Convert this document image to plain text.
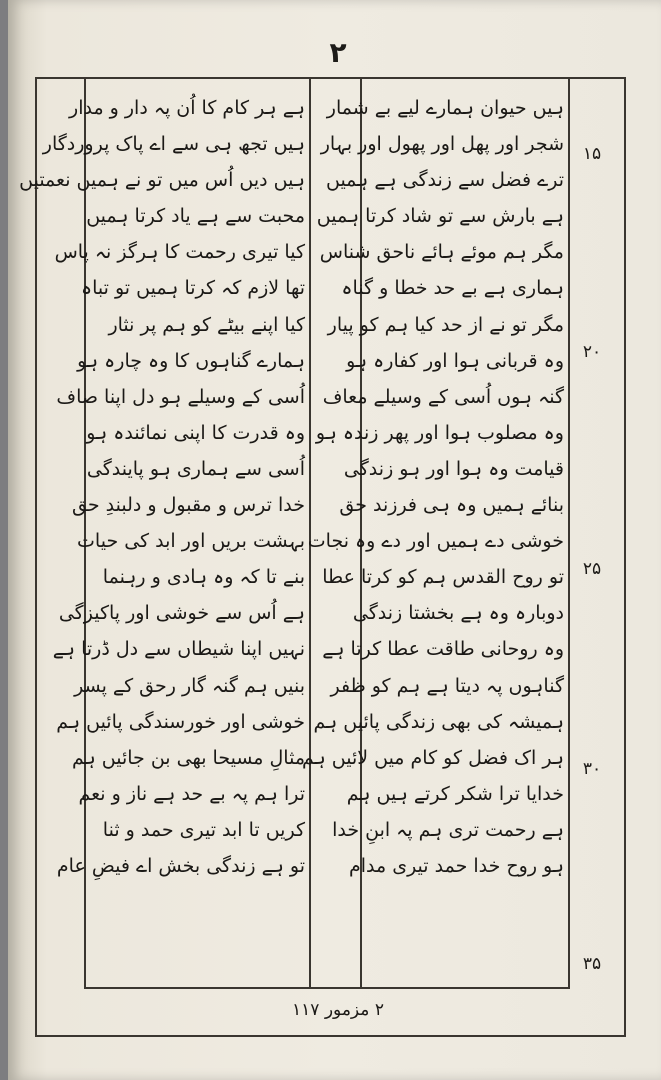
۲
ہیں حیوان ہمارے لیے بے شمار
شجر اور پھل اور پھول اور بہار
ترے فضل سے زندگی ہے ہمیں
ہے بارش سے تو شاد کرتا ہمیں
مگر ہم موئے ہائے ناحق شناس
ہماری ہے بے حد خطا و گناہ
مگر تو نے از حد کیا ہم کو پیار
وہ قربانی ہوا اور کفارہ ہو
گنہ ہوں اُسی کے وسیلے معاف
وہ مصلوب ہوا اور پھر زندہ ہو
قیامت وہ ہوا اور ہو زندگی
بنائے ہمیں وہ ہی فرزند حق
خوشی دے ہمیں اور دے وہ نجات
تو روح القدس ہم کو کرتا عطا
دوبارہ وہ ہے بخشتا زندگی
وہ روحانی طاقت عطا کرتا ہے
گناہوں پہ دیتا ہے ہم کو ظفر
ہمیشہ کی بھی زندگی پائیں ہم
ہر اک فضل کو کام میں لائیں ہم
خدایا ترا شکر کرتے ہیں ہم
ہے رحمت تری ہم پہ ابنِ خدا
ہو روح خدا حمد تیری مدام
ہے ہر کام کا اُن پہ دار و مدار
ہیں تجھ ہی سے اے پاک پروردگار
ہیں دیں اُس میں تو نے ہمیں نعمتیں
محبت سے ہے یاد کرتا ہمیں
کیا تیری رحمت کا ہرگز نہ پاس
تھا لازم کہ کرتا ہمیں تو تباہ
کیا اپنے بیٹے کو ہم پر نثار
ہمارے گناہوں کا وہ چارہ ہو
اُسی کے وسیلے ہو دل اپنا صاف
وہ قدرت کا اپنی نمائندہ ہو
اُسی سے ہماری ہو پایندگی
خدا ترس و مقبول و دلبندِ حق
بہشت بریں اور ابد کی حیات
بنے تا کہ وہ ہادی و رہنما
ہے اُس سے خوشی اور پاکیزگی
نہیں اپنا شیطاں سے دل ڈرتا ہے
بنیں ہم گنہ گار رحق کے پسر
خوشی اور خورسندگی پائیں ہم
مثالِ مسیحا بھی بن جائیں ہم
ترا ہم پہ بے حد ہے ناز و نعم
کریں تا ابد تیری حمد و ثنا
تو ہے زندگی بخش اے فیضِ عام
۱۵
۲۰
۲۵
۳۰
۳۵
۲ مزمور ۱۱۷
